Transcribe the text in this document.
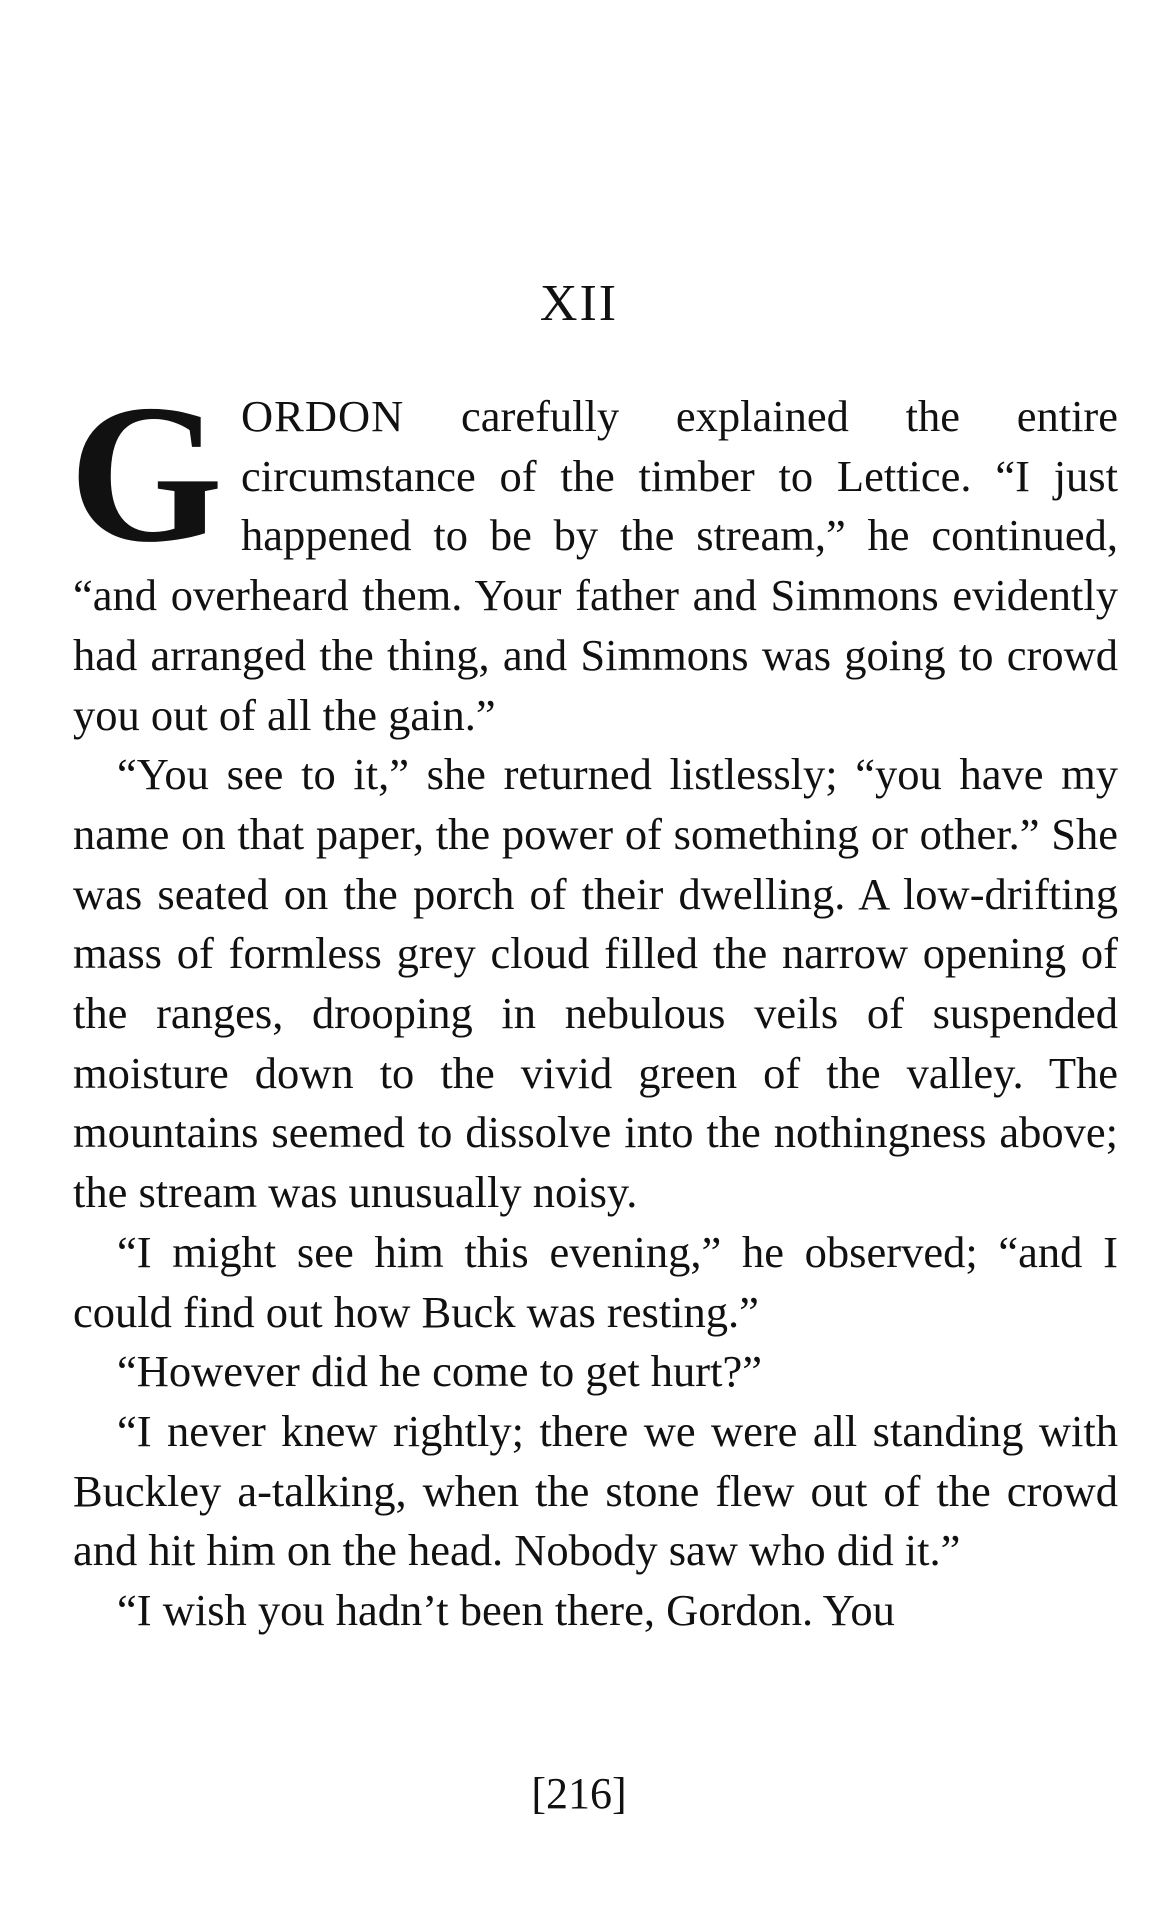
XII

GORDON carefully explained the entire circumstance of the timber to Lettice. “I just happened to be by the stream,” he continued, “and overheard them. Your father and Simmons evidently had arranged the thing, and Simmons was going to crowd you out of all the gain.”

“You see to it,” she returned listlessly; “you have my name on that paper, the power of something or other.” She was seated on the porch of their dwelling. A low-drifting mass of formless grey cloud filled the narrow opening of the ranges, drooping in nebulous veils of suspended moisture down to the vivid green of the valley. The mountains seemed to dissolve into the nothingness above; the stream was unusually noisy.

“I might see him this evening,” he observed; “and I could find out how Buck was resting.”

“However did he come to get hurt?”

“I never knew rightly; there we were all standing with Buckley a-talking, when the stone flew out of the crowd and hit him on the head. Nobody saw who did it.”

“I wish you hadn’t been there, Gordon. You

[216]
